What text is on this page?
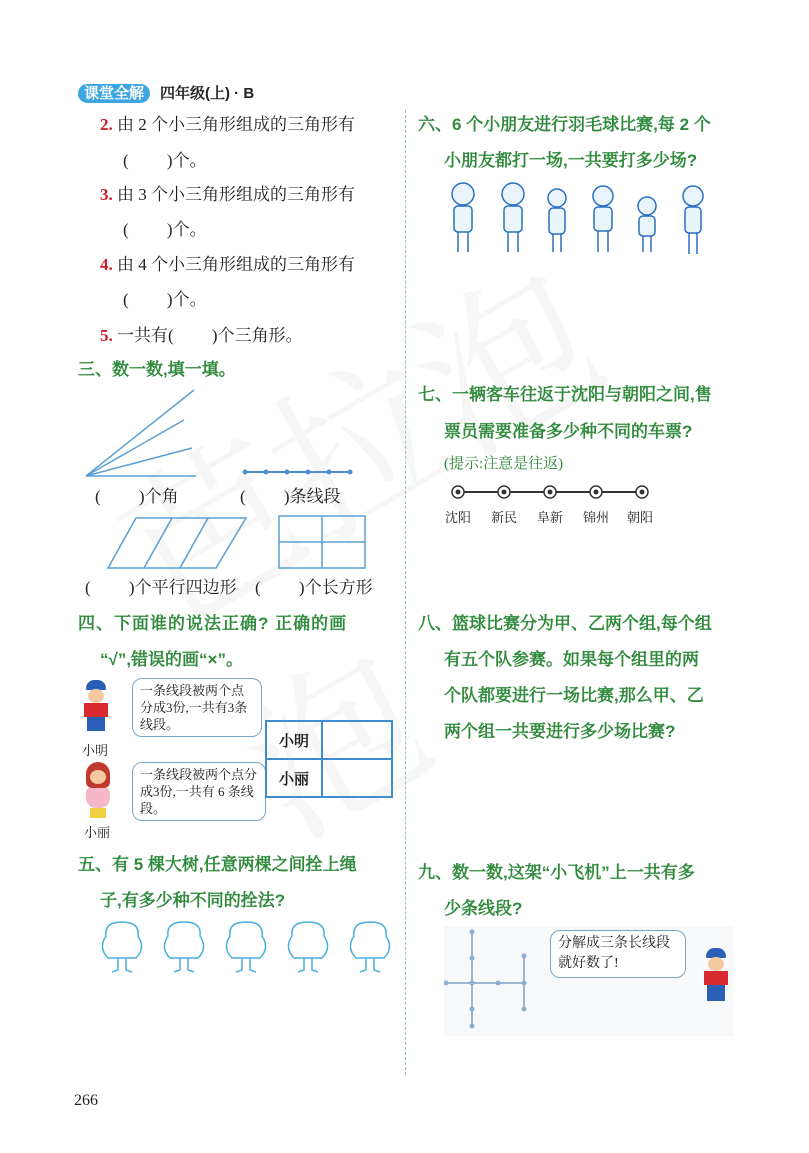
课堂全解 四年级(上) · B
2. 由 2 个小三角形组成的三角形有
(　　 )个。
3. 由 3 个小三角形组成的三角形有
(　　 )个。
4. 由 4 个小三角形组成的三角形有
(　　 )个。
5. 一共有(　　 )个三角形。
三、数一数,填一填。
(　　 )个角	(　　 )条线段
(　　 )个平行四边形 (　　 )个长方形
四、下面谁的说法正确? 正确的画
“√”,错误的画“×”。
小明
一条线段被两个点分成3份,一共有3条线段。
小丽
一条线段被两个点分成3份,一共有 6 条线段。
小明	
小丽	
五、有 5 棵大树,任意两棵之间拴上绳
子,有多少种不同的拴法?
六、6 个小朋友进行羽毛球比赛,每 2 个
小朋友都打一场,一共要打多少场?
七、一辆客车往返于沈阳与朝阳之间,售
票员需要准备多少种不同的车票?
(提示:注意是往返)
沈阳 新民 阜新 锦州 朝阳
八、篮球比赛分为甲、乙两个组,每个组
有五个队参赛。如果每个组里的两
个队都要进行一场比赛,那么甲、乙
两个组一共要进行多少场比赛?
九、数一数,这架“小飞机”上一共有多
少条线段?
分解成三条长线段就好数了!
266
